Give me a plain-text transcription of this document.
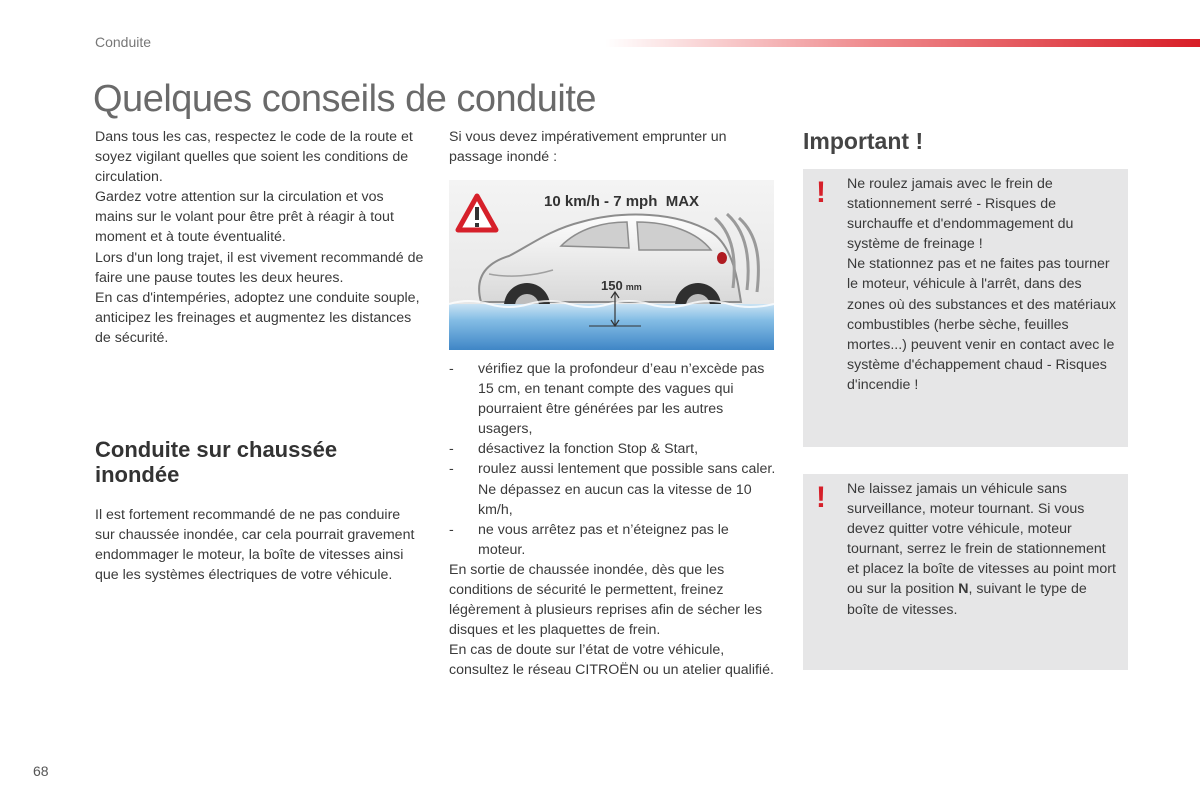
Conduite
Quelques conseils de conduite

Dans tous les cas, respectez le code de la route et soyez vigilant quelles que soient les conditions de circulation.

Gardez votre attention sur la circulation et vos mains sur le volant pour être prêt à réagir à tout moment et à toute éventualité.

Lors d'un long trajet, il est vivement recommandé de faire une pause toutes les deux heures.

En cas d'intempéries, adoptez une conduite souple, anticipez les freinages et augmentez les distances de sécurité.

Conduite sur chaussée inondée

Il est fortement recommandé de ne pas conduire sur chaussée inondée, car cela pourrait gravement endommager le moteur, la boîte de vitesses ainsi que les systèmes électriques de votre véhicule.

Si vous devez impérativement emprunter un passage inondé :

10 km/h - 7 mph  MAX
150 mm
- vérifiez que la profondeur d’eau n’excède pas 15 cm, en tenant compte des vagues qui pourraient être générées par les autres usagers,
- désactivez la fonction Stop & Start,
- roulez aussi lentement que possible sans caler. Ne dépassez en aucun cas la vitesse de 10 km/h,
- ne vous arrêtez pas et n’éteignez pas le moteur.

En sortie de chaussée inondée, dès que les conditions de sécurité le permettent, freinez légèrement à plusieurs reprises afin de sécher les disques et les plaquettes de frein.

En cas de doute sur l’état de votre véhicule, consultez le réseau CITROËN ou un atelier qualifié.

Important !
! Ne roulez jamais avec le frein de stationnement serré - Risques de surchauffe et d'endommagement du système de freinage !

Ne stationnez pas et ne faites pas tourner le moteur, véhicule à l'arrêt, dans des zones où des substances et des matériaux combustibles (herbe sèche, feuilles mortes...) peuvent venir en contact avec le système d'échappement chaud - Risques d'incendie !

! Ne laissez jamais un véhicule sans surveillance, moteur tournant. Si vous devez quitter votre véhicule, moteur tournant, serrez le frein de stationnement et placez la boîte de vitesses au point mort ou sur la position N, suivant le type de boîte de vitesses.

68
